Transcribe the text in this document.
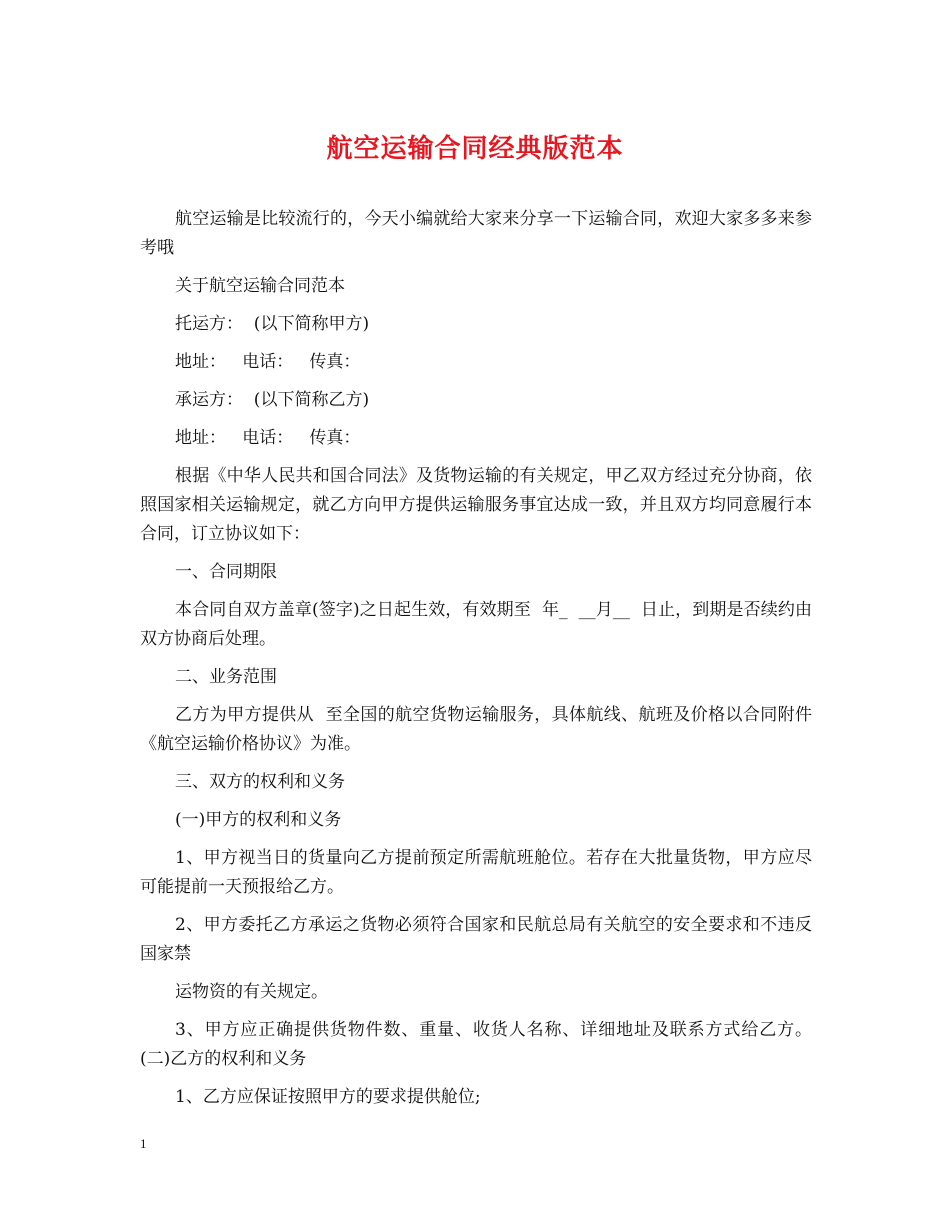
航空运输合同经典版范本

航空运输是比较流行的，今天小编就给大家来分享一下运输合同，欢迎大家多多来参考哦

关于航空运输合同范本

托运方：  (以下简称甲方)

地址：   电话：   传真：

承运方：  (以下简称乙方)

地址：   电话：   传真：

根据《中华人民共和国合同法》及货物运输的有关规定，甲乙双方经过充分协商，依照国家相关运输规定，就乙方向甲方提供运输服务事宜达成一致，并且双方均同意履行本合同，订立协议如下：

一、合同期限

本合同自双方盖章(签字)之日起生效，有效期至  年_  __月__  日止，到期是否续约由双方协商后处理。

二、业务范围

乙方为甲方提供从  至全国的航空货物运输服务，具体航线、航班及价格以合同附件《航空运输价格协议》为准。

三、双方的权利和义务

(一)甲方的权利和义务

1、甲方视当日的货量向乙方提前预定所需航班舱位。若存在大批量货物，甲方应尽可能提前一天预报给乙方。

2、甲方委托乙方承运之货物必须符合国家和民航总局有关航空的安全要求和不违反国家禁

运物资的有关规定。

3、甲方应正确提供货物件数、重量、收货人名称、详细地址及联系方式给乙方。 (二)乙方的权利和义务

1、乙方应保证按照甲方的要求提供舱位;

1
